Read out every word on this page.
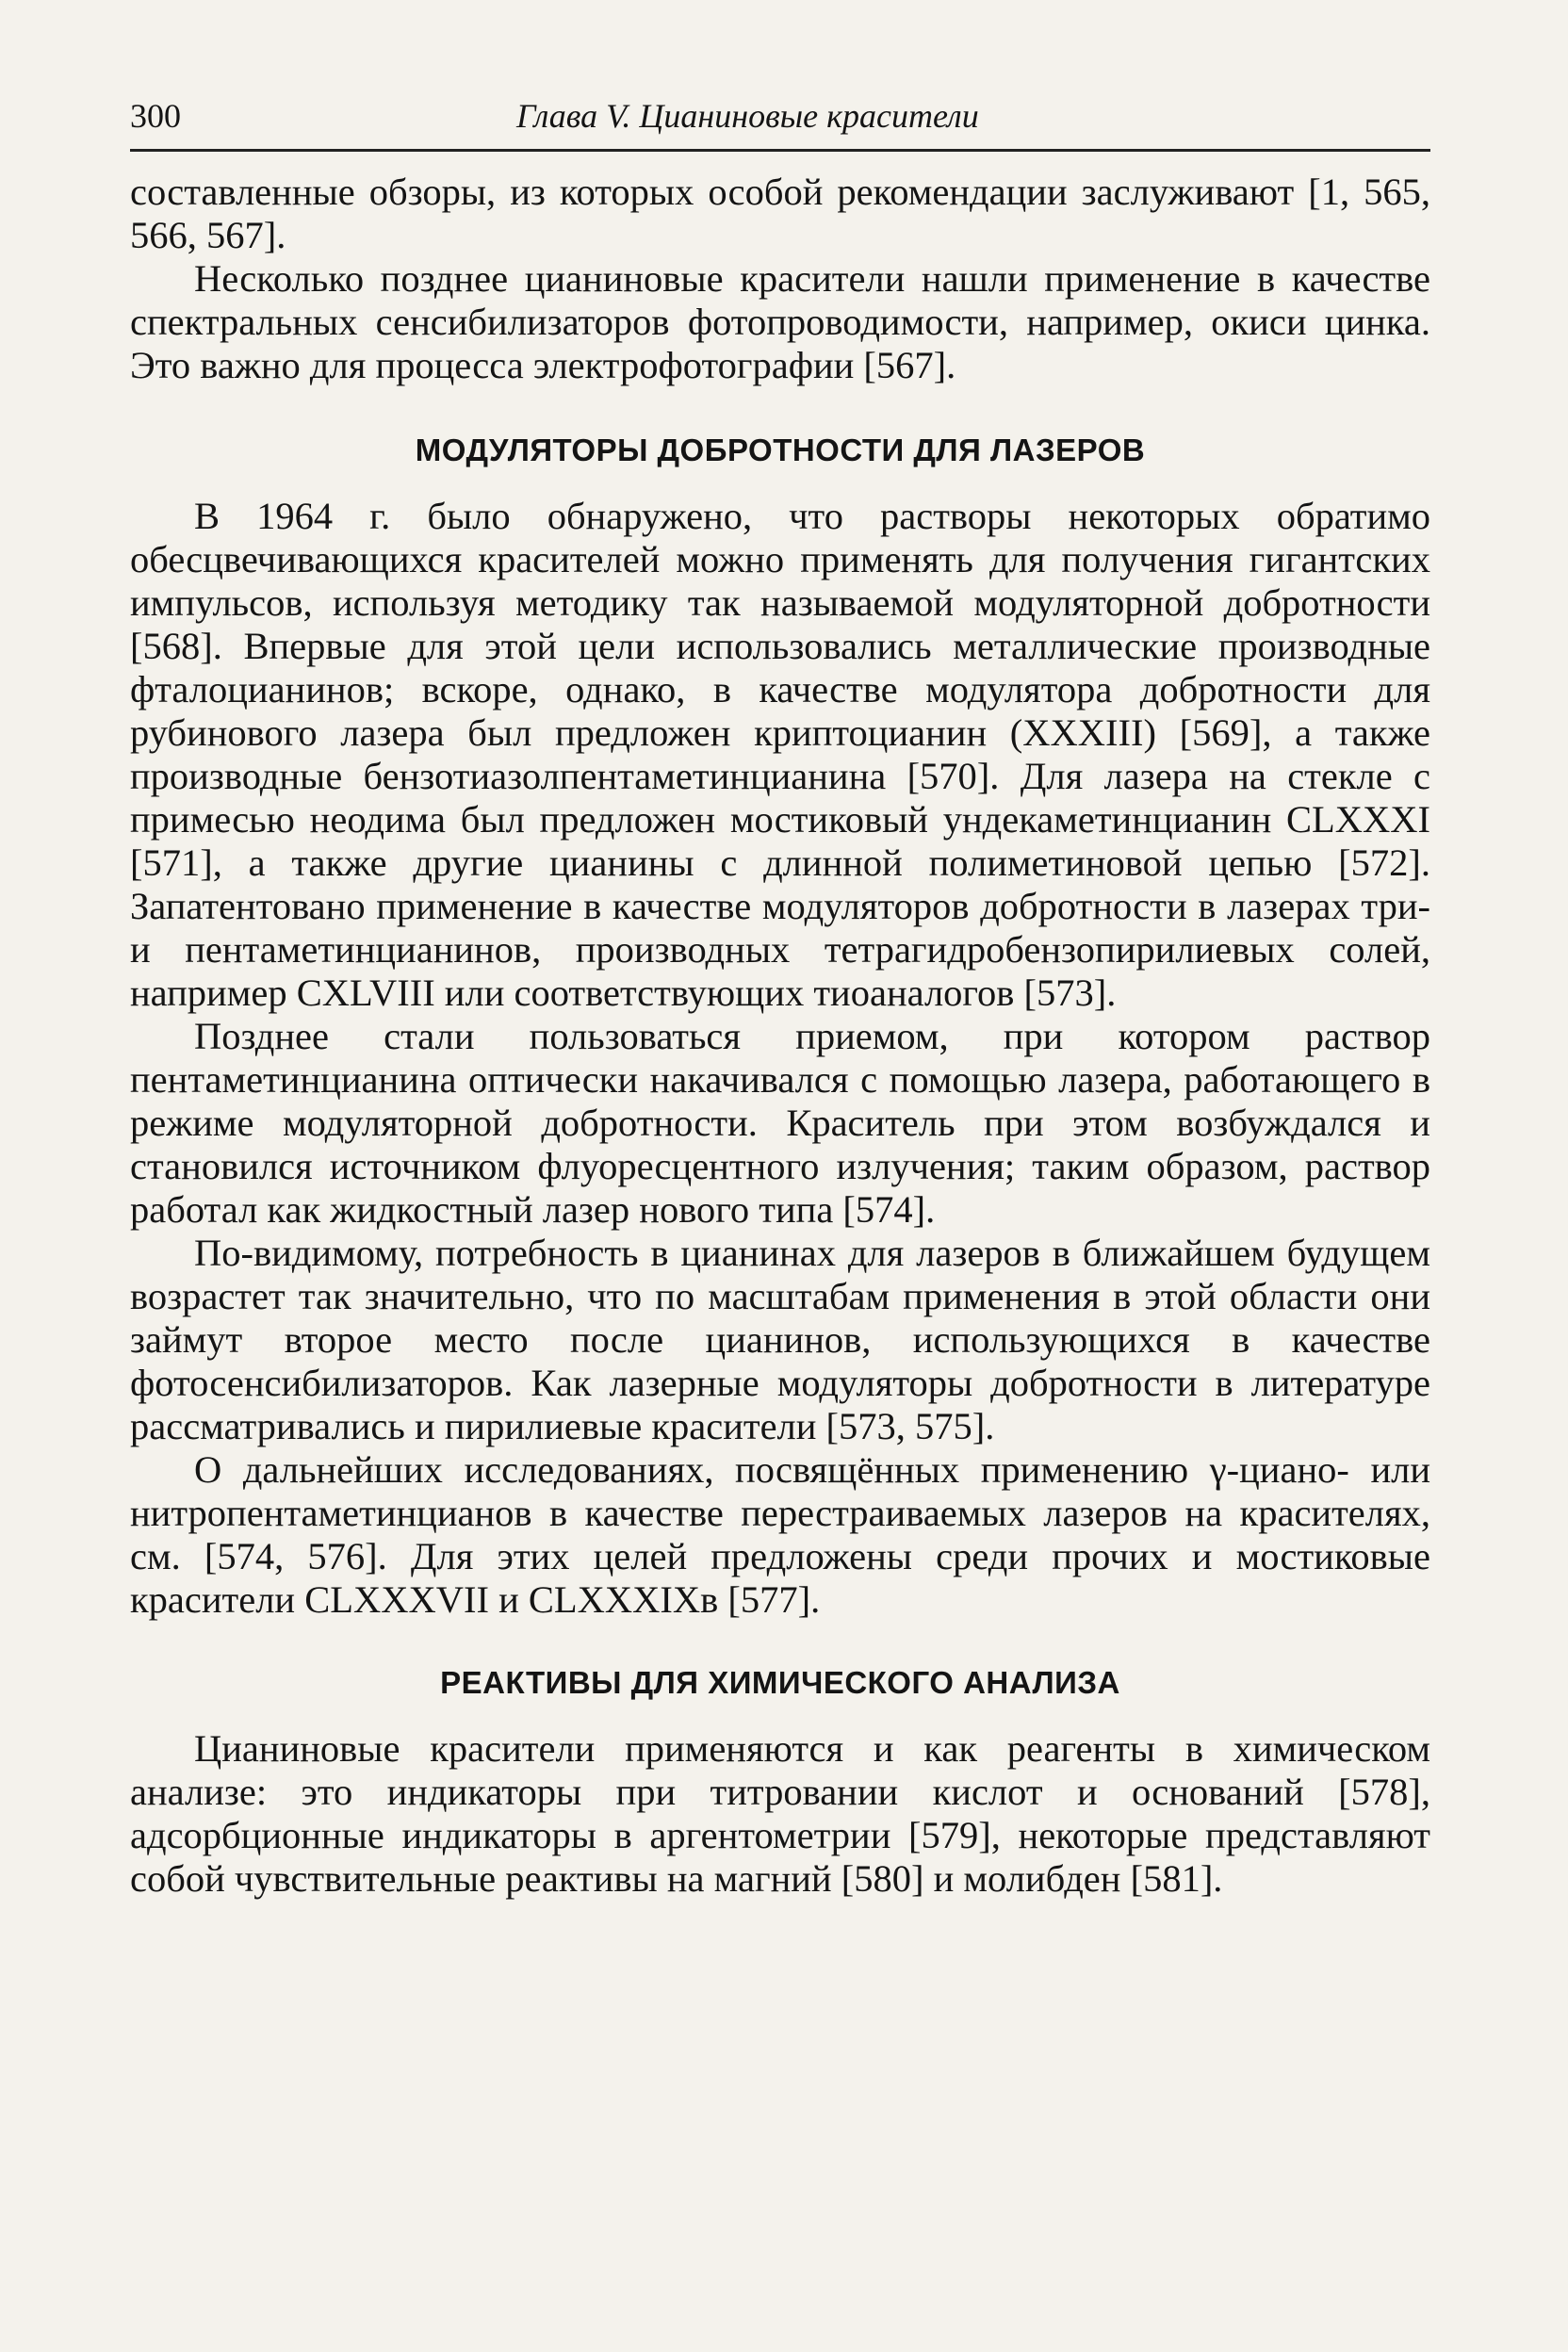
300	Глава V. Цианиновые красители

составленные обзоры, из которых особой рекомендации заслуживают [1, 565, 566, 567].

Несколько позднее цианиновые красители нашли применение в качестве спектральных сенсибилизаторов фотопроводимости, например, окиси цинка. Это важно для процесса электрофотографии [567].

МОДУЛЯТОРЫ ДОБРОТНОСТИ ДЛЯ ЛАЗЕРОВ

В 1964 г. было обнаружено, что растворы некоторых обратимо обесцвечивающихся красителей можно применять для получения гигантских импульсов, используя методику так называемой модуляторной добротности [568]. Впервые для этой цели использовались металлические производные фталоцианинов; вскоре, однако, в качестве модулятора добротности для рубинового лазера был предложен криптоцианин (XXXIII) [569], а также производные бензотиазолпентаметинцианина [570]. Для лазера на стекле с примесью неодима был предложен мостиковый ундекаметинцианин CLXXXI [571], а также другие цианины с длинной полиметиновой цепью [572]. Запатентовано применение в качестве модуляторов добротности в лазерах три- и пентаметинцианинов, производных тетрагидробензопирилиевых солей, например CXLVIII или соответствующих тиоаналогов [573].

Позднее стали пользоваться приемом, при котором раствор пентаметинцианина оптически накачивался с помощью лазера, работающего в режиме модуляторной добротности. Краситель при этом возбуждался и становился источником флуоресцентного излучения; таким образом, раствор работал как жидкостный лазер нового типа [574].

По-видимому, потребность в цианинах для лазеров в ближайшем будущем возрастет так значительно, что по масштабам применения в этой области они займут второе место после цианинов, использующихся в качестве фотосенсибилизаторов. Как лазерные модуляторы добротности в литературе рассматривались и пирилиевые красители [573, 575].

О дальнейших исследованиях, посвящённых применению γ-циано- или нитропентаметинцианов в качестве перестраиваемых лазеров на красителях, см. [574, 576]. Для этих целей предложены среди прочих и мостиковые красители CLXXXVII и CLXXXIXв [577].

РЕАКТИВЫ ДЛЯ ХИМИЧЕСКОГО АНАЛИЗА

Цианиновые красители применяются и как реагенты в химическом анализе: это индикаторы при титровании кислот и оснований [578], адсорбционные индикаторы в аргентометрии [579], некоторые представляют собой чувствительные реактивы на магний [580] и молибден [581].
